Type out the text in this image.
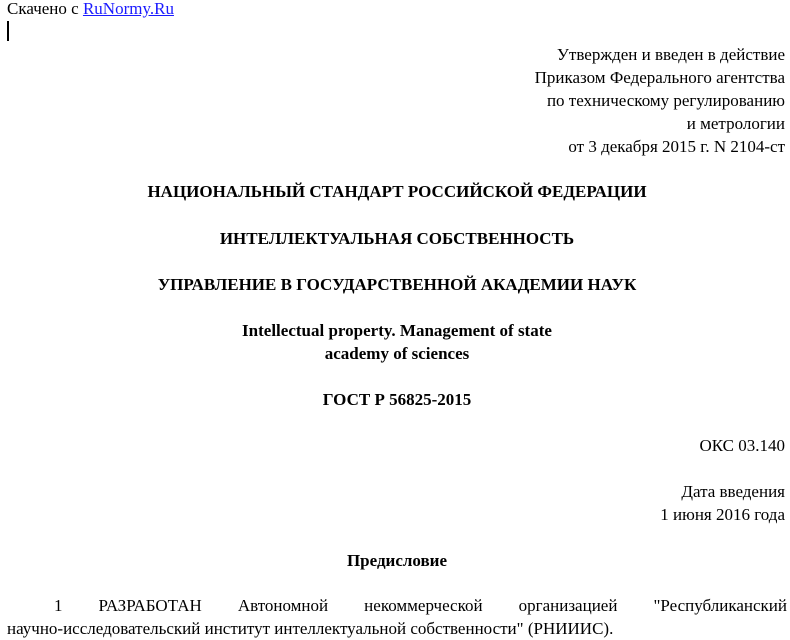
Скачено с RuNormy.Ru
Утвержден и введен в действие
Приказом Федерального агентства
по техническому регулированию
и метрологии
от 3 декабря 2015 г. N 2104-ст
НАЦИОНАЛЬНЫЙ СТАНДАРТ РОССИЙСКОЙ ФЕДЕРАЦИИ
ИНТЕЛЛЕКТУАЛЬНАЯ СОБСТВЕННОСТЬ
УПРАВЛЕНИЕ В ГОСУДАРСТВЕННОЙ АКАДЕМИИ НАУК
Intellectual property. Management of state
academy of sciences
ГОСТ Р 56825-2015
ОКС 03.140
Дата введения
1 июня 2016 года
Предисловие
1 РАЗРАБОТАН Автономной некоммерческой организацией "Республиканский
научно-исследовательский институт интеллектуальной собственности" (РНИИИС).
